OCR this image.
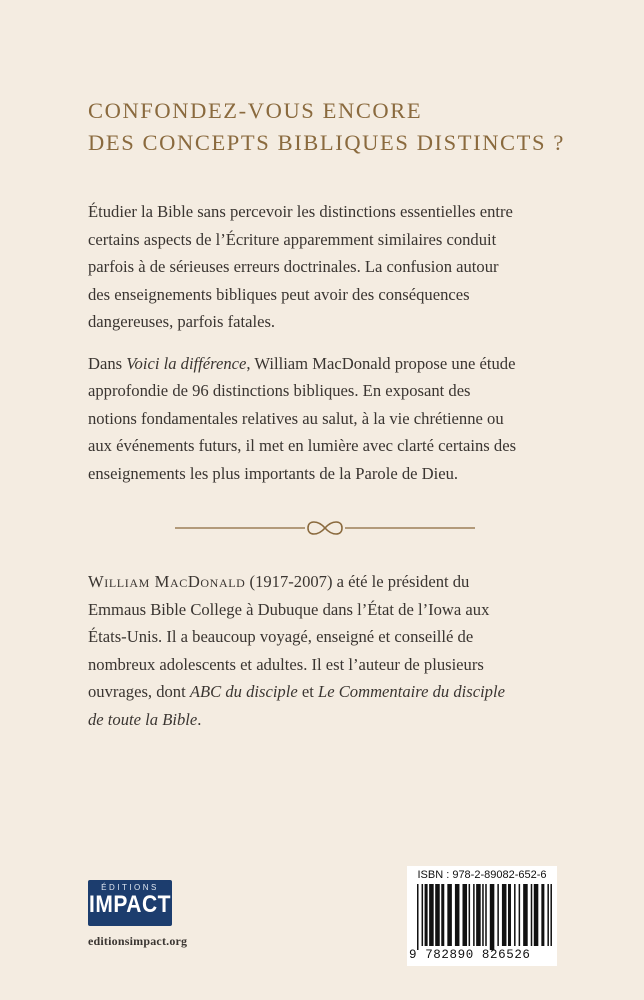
CONFONDEZ-VOUS ENCORE
DES CONCEPTS BIBLIQUES DISTINCTS ?

Étudier la Bible sans percevoir les distinctions essentielles entre
certains aspects de l’Écriture apparemment similaires conduit
parfois à de sérieuses erreurs doctrinales. La confusion autour
des enseignements bibliques peut avoir des conséquences
dangereuses, parfois fatales.

Dans Voici la différence, William MacDonald propose une étude
approfondie de 96 distinctions bibliques. En exposant des
notions fondamentales relatives au salut, à la vie chrétienne ou
aux événements futurs, il met en lumière avec clarté certains des
enseignements les plus importants de la Parole de Dieu.

William MacDonald (1917-2007) a été le président du
Emmaus Bible College à Dubuque dans l’État de l’Iowa aux
États-Unis. Il a beaucoup voyagé, enseigné et conseillé de
nombreux adolescents et adultes. Il est l’auteur de plusieurs
ouvrages, dont ABC du disciple et Le Commentaire du disciple
de toute la Bible.
ÉDITIONS
IMPACT
editionsimpact.org
ISBN : 978-2-89082-652-6
9 782890 826526
